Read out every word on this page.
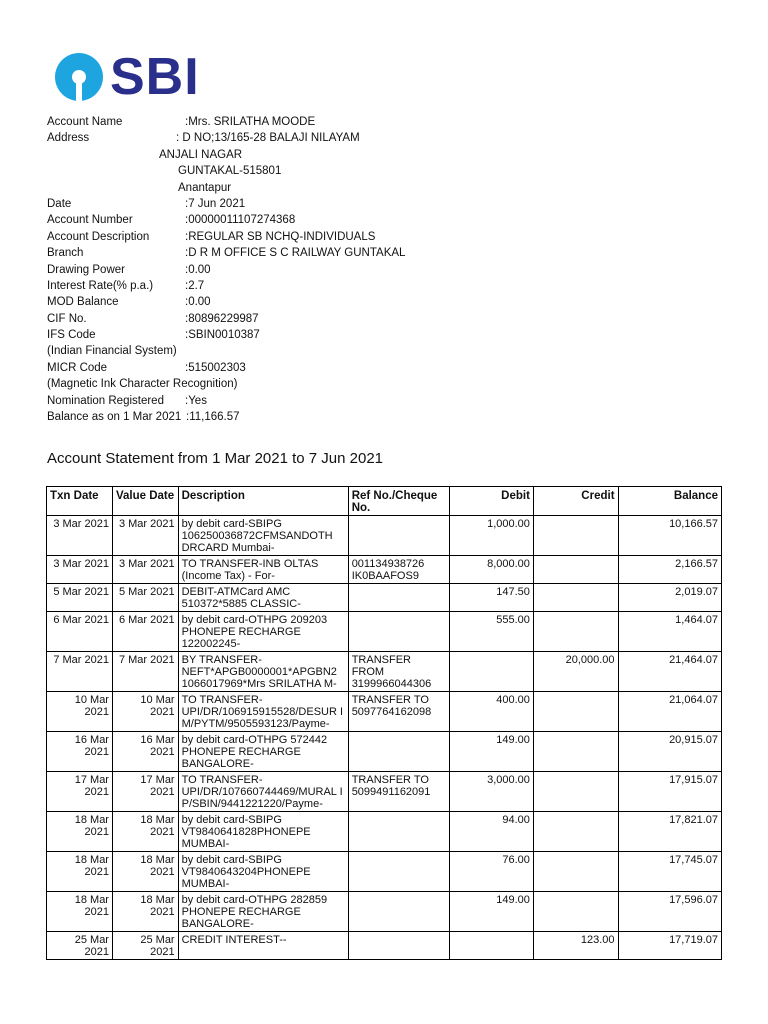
SBI
Account Name	:Mrs. SRILATHA MOODE
Address	: D NO;13/165-28 BALAJI NILAYAM
ANJALI NAGAR
GUNTAKAL-515801
Anantapur
Date	:7 Jun 2021
Account Number	:00000011107274368
Account Description	:REGULAR SB NCHQ-INDIVIDUALS
Branch	:D R M OFFICE S C RAILWAY GUNTAKAL
Drawing Power	:0.00
Interest Rate(% p.a.)	:2.7
MOD Balance	:0.00
CIF No.	:80896229987
IFS Code	:SBIN0010387
(Indian Financial System)
MICR Code	:515002303
(Magnetic Ink Character Recognition)
Nomination Registered :Yes
Balance as on 1 Mar 2021 :11,166.57
Account Statement from 1 Mar 2021 to 7 Jun 2021
Txn Date	Value Date	Description	Ref No./Cheque No.	Debit	Credit	Balance
3 Mar 2021	3 Mar 2021	by debit card-SBIPG 106250036872CFMSANDOTH DRCARD Mumbai-		1,000.00		10,166.57
3 Mar 2021	3 Mar 2021	TO TRANSFER-INB OLTAS (Income Tax) - For-	001134938726 IK0BAAFOS9	8,000.00		2,166.57
5 Mar 2021	5 Mar 2021	DEBIT-ATMCard AMC 510372*5885 CLASSIC-		147.50		2,019.07
6 Mar 2021	6 Mar 2021	by debit card-OTHPG 209203 PHONEPE RECHARGE 122002245-		555.00		1,464.07
7 Mar 2021	7 Mar 2021	BY TRANSFER-NEFT*APGB0000001*APGBN2 1066017969*Mrs SRILATHA M-	TRANSFER FROM 3199966044306		20,000.00	21,464.07
10 Mar 2021	10 Mar 2021	TO TRANSFER-UPI/DR/106915915528/DESUR I M/PYTM/9505593123/Payme-	TRANSFER TO 5097764162098	400.00		21,064.07
16 Mar 2021	16 Mar 2021	by debit card-OTHPG 572442 PHONEPE RECHARGE BANGALORE-		149.00		20,915.07
17 Mar 2021	17 Mar 2021	TO TRANSFER-UPI/DR/107660744469/MURAL I P/SBIN/9441221220/Payme-	TRANSFER TO 5099491162091	3,000.00		17,915.07
18 Mar 2021	18 Mar 2021	by debit card-SBIPG VT9840641828PHONEPE MUMBAI-		94.00		17,821.07
18 Mar 2021	18 Mar 2021	by debit card-SBIPG VT9840643204PHONEPE MUMBAI-		76.00		17,745.07
18 Mar 2021	18 Mar 2021	by debit card-OTHPG 282859 PHONEPE RECHARGE BANGALORE-		149.00		17,596.07
25 Mar 2021	25 Mar 2021	CREDIT INTEREST--			123.00	17,719.07
